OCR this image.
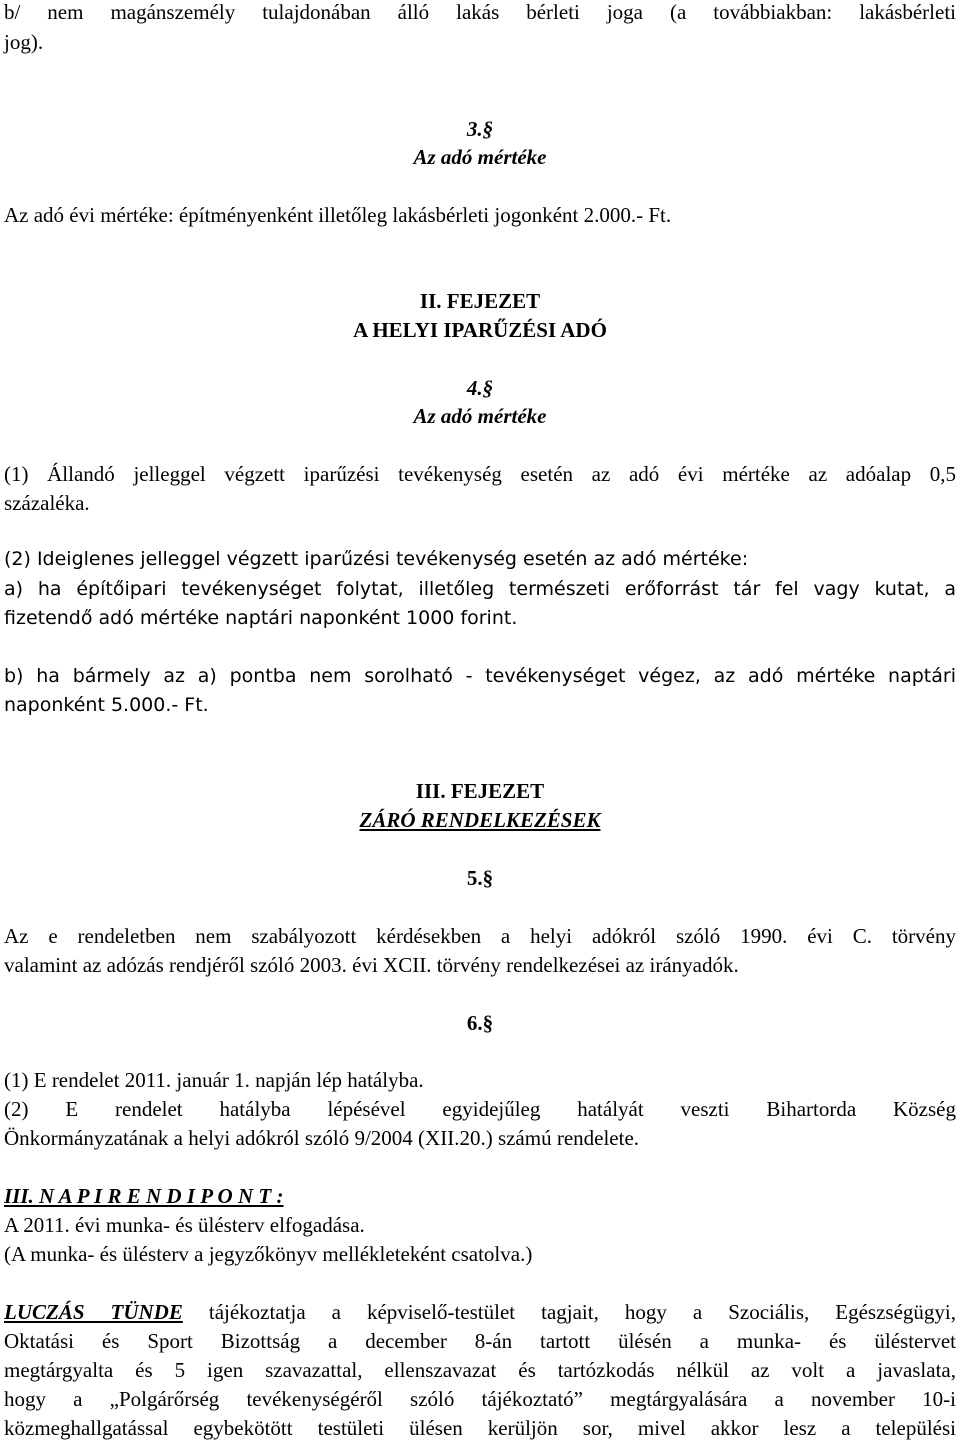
b/ nem magánszemély tulajdonában álló lakás bérleti joga (a továbbiakban: lakásbérleti
jog).
3.§
Az adó mértéke
Az adó évi mértéke: építményenként illetőleg lakásbérleti jogonként 2.000.- Ft.
II. FEJEZET
A HELYI IPARŰZÉSI ADÓ
4.§
Az adó mértéke
(1) Állandó jelleggel végzett iparűzési tevékenység esetén az adó évi mértéke az adóalap 0,5
százaléka.
(2) Ideiglenes jelleggel végzett iparűzési tevékenység esetén az adó mértéke:
a) ha építőipari tevékenységet folytat, illetőleg természeti erőforrást tár fel vagy kutat, a
fizetendő adó mértéke naptári naponként 1000 forint.
b) ha bármely az a) pontba nem sorolható - tevékenységet végez, az adó mértéke naptári
naponként 5.000.- Ft.
III. FEJEZET
ZÁRÓ RENDELKEZÉSEK
5.§
Az e rendeletben nem szabályozott kérdésekben a helyi adókról szóló 1990. évi C. törvény
valamint az adózás rendjéről szóló 2003. évi XCII. törvény rendelkezései az irányadók.
6.§
(1) E rendelet 2011. január 1. napján lép hatályba.
(2) E rendelet hatályba lépésével egyidejűleg hatályát veszti Bihartorda Község
Önkormányzatának a helyi adókról szóló 9/2004 (XII.20.) számú rendelete.
III. N A P I R E N D I P O N T :
A 2011. évi munka- és ülésterv elfogadása.
(A munka- és ülésterv a jegyzőkönyv mellékleteként csatolva.)
LUCZÁS TÜNDE tájékoztatja a képviselő-testület tagjait, hogy a Szociális, Egészségügyi,
Oktatási és Sport Bizottság a december 8-án tartott ülésén a munka- és üléstervet
megtárgyalta és 5 igen szavazattal, ellenszavazat és tartózkodás nélkül az volt a javaslata,
hogy a „Polgárőrség tevékenységéről szóló tájékoztató” megtárgyalására a november 10-i
közmeghallgatással egybekötött testületi ülésen kerüljön sor, mivel akkor lesz a települési
